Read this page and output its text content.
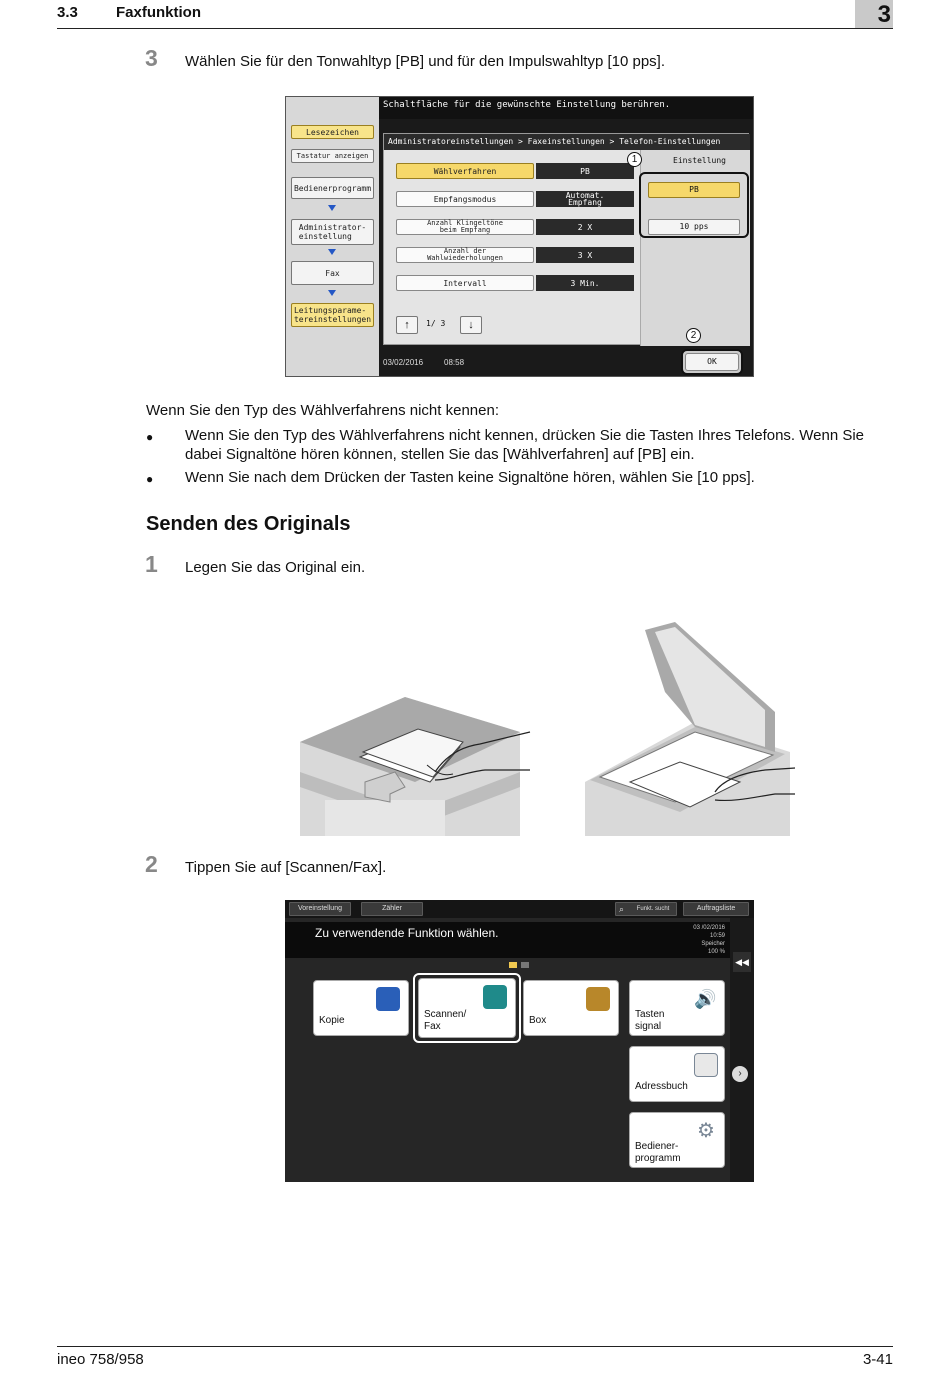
3.3	Faxfunktion	3
3 Wählen Sie für den Tonwahltyp [PB] und für den Impulswahltyp [10 pps].
Lesezeichen
Tastatur anzeigen
Bedienerprogramm
Administrator-
einstellung
Fax
Leitungsparame-
tereinstellungen
Schaltfläche für die gewünschte Einstellung berühren.
Administratoreinstellungen > Faxeinstellungen > Telefon-Einstellungen
Wählverfahren	PB
Empfangsmodus	Automat.
Empfang
Anzahl Klingeltöne
beim Empfang	2 X
Anzahl der
Wahlwiederholungen	3 X
Intervall	3 Min.
Einstellung
PB
10 pps
↑	1/ 3	↓
1
2
03/02/2016	08:58	OK
Wenn Sie den Typ des Wählverfahrens nicht kennen:
● Wenn Sie den Typ des Wählverfahrens nicht kennen, drücken Sie die Tasten Ihres Telefons. Wenn Sie dabei Signaltöne hören können, stellen Sie das [Wählverfahren] auf [PB] ein.
● Wenn Sie nach dem Drücken der Tasten keine Signaltöne hören, wählen Sie [10 pps].
Senden des Originals
1 Legen Sie das Original ein.
2 Tippen Sie auf [Scannen/Fax].
Voreinstellung	Zähler	⌕ Funkt. sucht	Auftragsliste
Zu verwendende Funktion wählen.	03 /02/2016
10:59
Speicher
100 %
◀◀
›
Kopie
Scannen/
Fax
Box
🔊
Tasten
signal
Adressbuch
⚙
Bediener-
programm
ineo 758/958	3-41
